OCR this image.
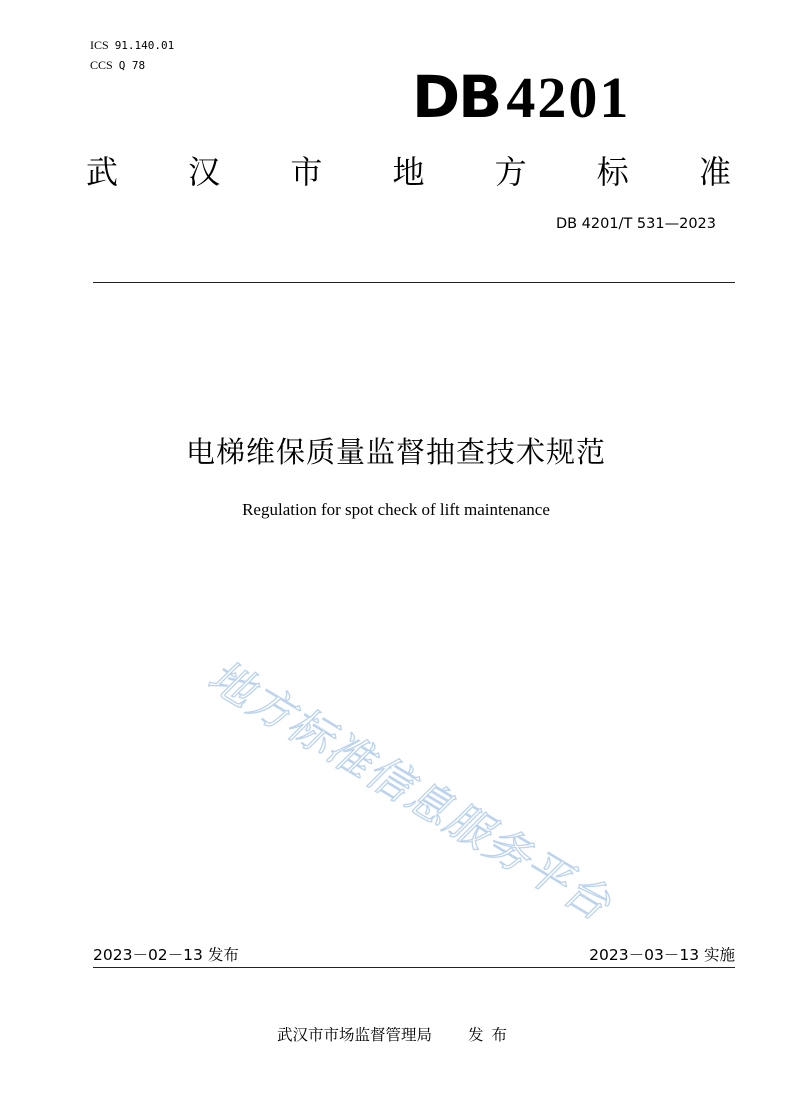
ICS 91.140.01
CCS Q 78	DB 4201
武 汉 市 地 方 标 准
DB 4201/T 531—2023
电梯维保质量监督抽查技术规范
Regulation for spot check of lift maintenance
地方标准信息服务平台
2023－02－13 发布	2023－03－13 实施
武汉市市场监督管理局 发布
